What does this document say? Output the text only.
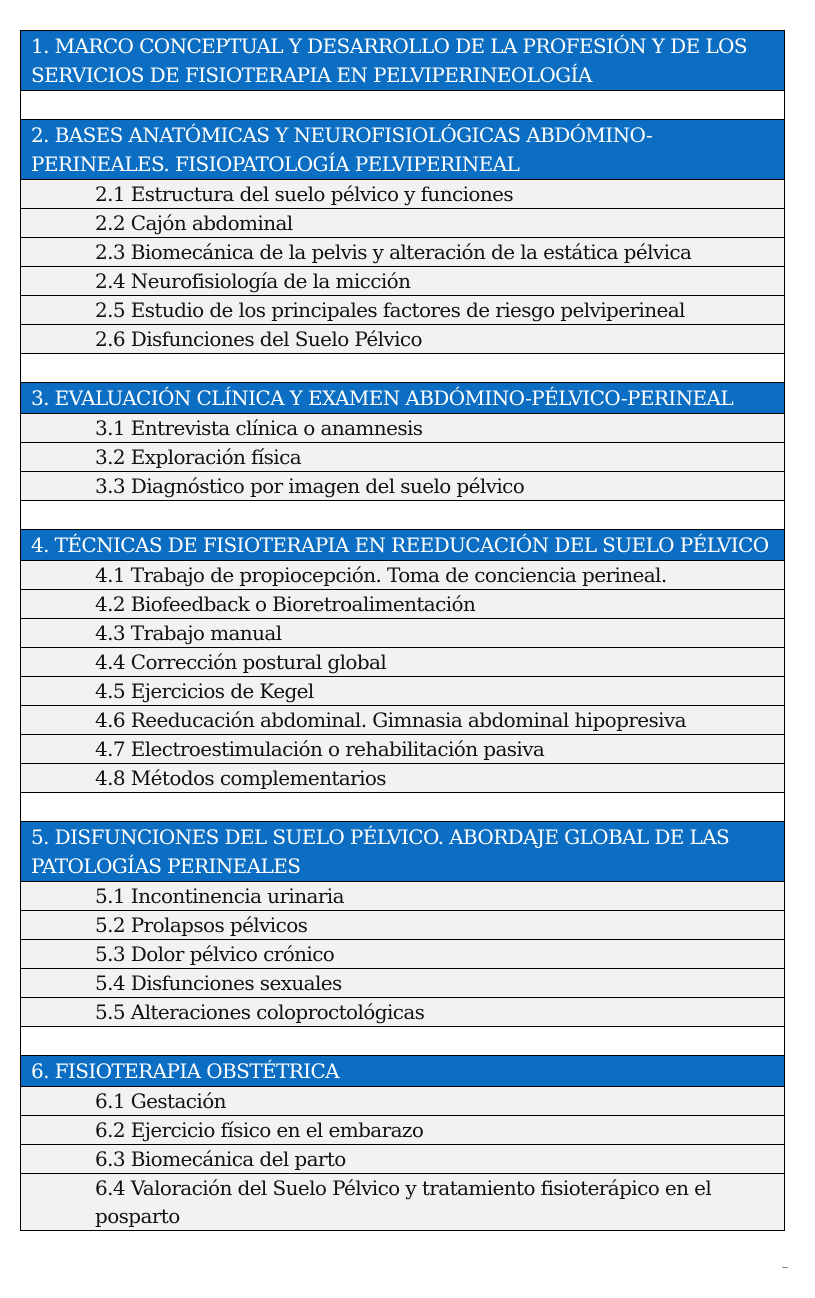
1. MARCO CONCEPTUAL Y DESARROLLO DE LA PROFESIÓN Y DE LOS SERVICIOS DE FISIOTERAPIA EN PELVIPERINEOLOGÍA
2. BASES ANATÓMICAS Y NEUROFISIOLÓGICAS ABDÓMINO-PERINEALES. FISIOPATOLOGÍA PELVIPERINEAL
2.1 Estructura del suelo pélvico y funciones
2.2 Cajón abdominal
2.3 Biomecánica de la pelvis y alteración de la estática pélvica
2.4 Neurofisiología de la micción
2.5 Estudio de los principales factores de riesgo pelviperineal
2.6 Disfunciones del Suelo Pélvico
3. EVALUACIÓN CLÍNICA Y EXAMEN ABDÓMINO-PÉLVICO-PERINEAL
3.1 Entrevista clínica o anamnesis
3.2 Exploración física
3.3 Diagnóstico por imagen del suelo pélvico
4. TÉCNICAS DE FISIOTERAPIA EN REEDUCACIÓN DEL SUELO PÉLVICO
4.1 Trabajo de propiocepción. Toma de conciencia perineal.
4.2 Biofeedback o Bioretroalimentación
4.3 Trabajo manual
4.4 Corrección postural global
4.5 Ejercicios de Kegel
4.6 Reeducación abdominal. Gimnasia abdominal hipopresiva
4.7 Electroestimulación o rehabilitación pasiva
4.8 Métodos complementarios
5. DISFUNCIONES DEL SUELO PÉLVICO. ABORDAJE GLOBAL DE LAS PATOLOGÍAS PERINEALES
5.1 Incontinencia urinaria
5.2 Prolapsos pélvicos
5.3 Dolor pélvico crónico
5.4 Disfunciones sexuales
5.5 Alteraciones coloproctológicas
6. FISIOTERAPIA OBSTÉTRICA
6.1 Gestación
6.2 Ejercicio físico en el embarazo
6.3 Biomecánica del parto
6.4 Valoración del Suelo Pélvico y tratamiento fisioterápico en el posparto
